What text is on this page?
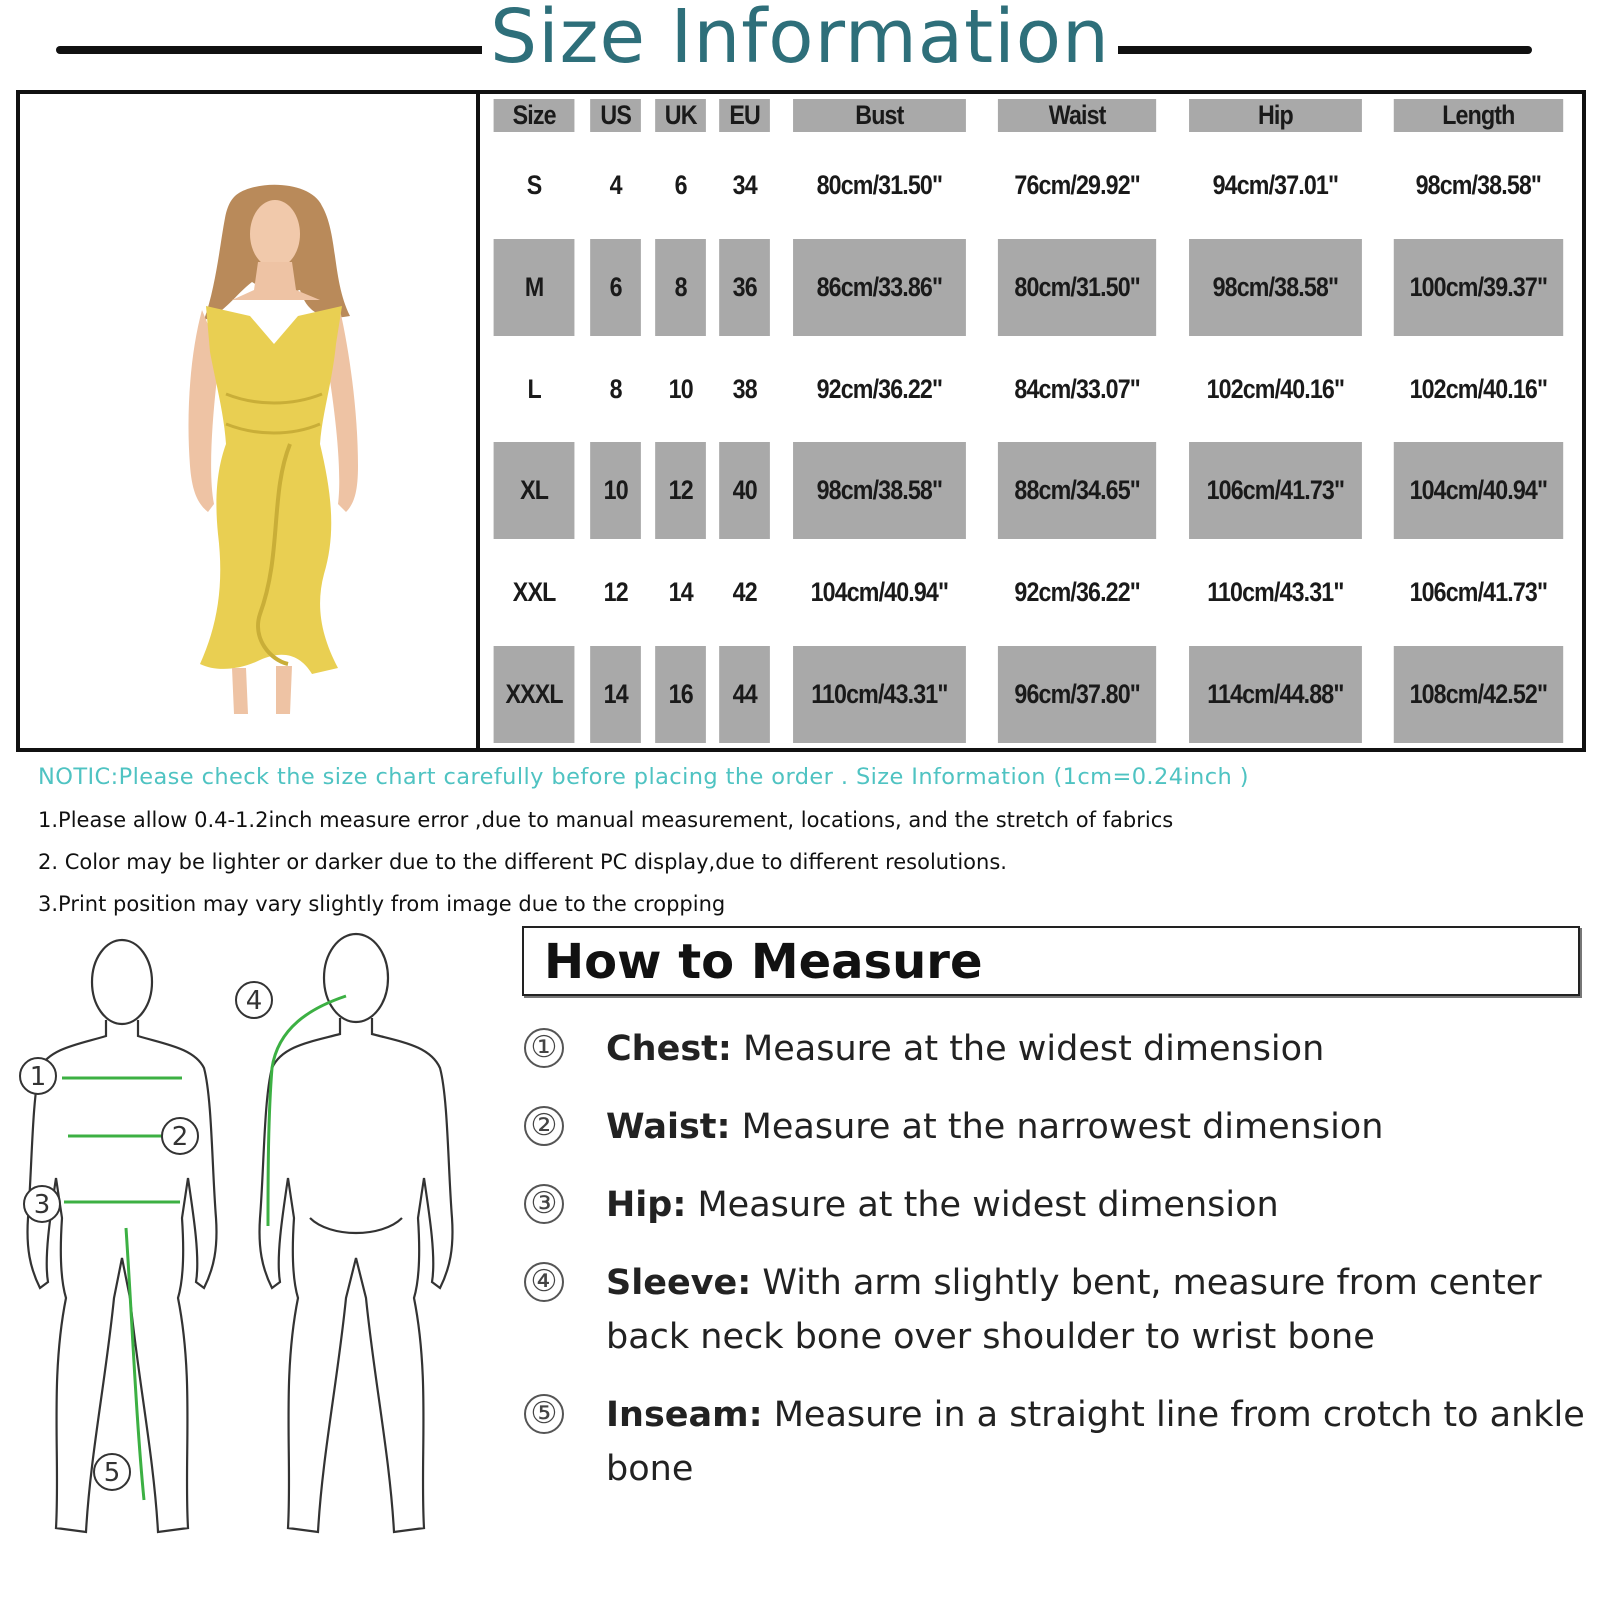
Size Information
Size	US	UK	EU	Bust	Waist	Hip	Length
S	4	6	34	80cm/31.50"	76cm/29.92"	94cm/37.01"	98cm/38.58"
M	6	8	36	86cm/33.86"	80cm/31.50"	98cm/38.58"	100cm/39.37"
L	8	10	38	92cm/36.22"	84cm/33.07"	102cm/40.16"	102cm/40.16"
XL	10	12	40	98cm/38.58"	88cm/34.65"	106cm/41.73"	104cm/40.94"
XXL	12	14	42	104cm/40.94"	92cm/36.22"	110cm/43.31"	106cm/41.73"
XXXL	14	16	44	110cm/43.31"	96cm/37.80"	114cm/44.88"	108cm/42.52"
NOTIC:Please check the size chart carefully before placing the order . Size Information (1cm=0.24inch )
1.Please allow 0.4-1.2inch measure error ,due to manual measurement, locations, and the stretch of fabrics
2. Color may be lighter or darker due to the different PC display,due to different resolutions.
3.Print position may vary slightly from image due to the cropping
1
2
3
4
5
How to Measure
① Chest: Measure at the widest dimension
② Waist: Measure at the narrowest dimension
③ Hip: Measure at the widest dimension
④ Sleeve: With arm slightly bent, measure from center back neck bone over shoulder to wrist bone
⑤ Inseam: Measure in a straight line from crotch to ankle bone
